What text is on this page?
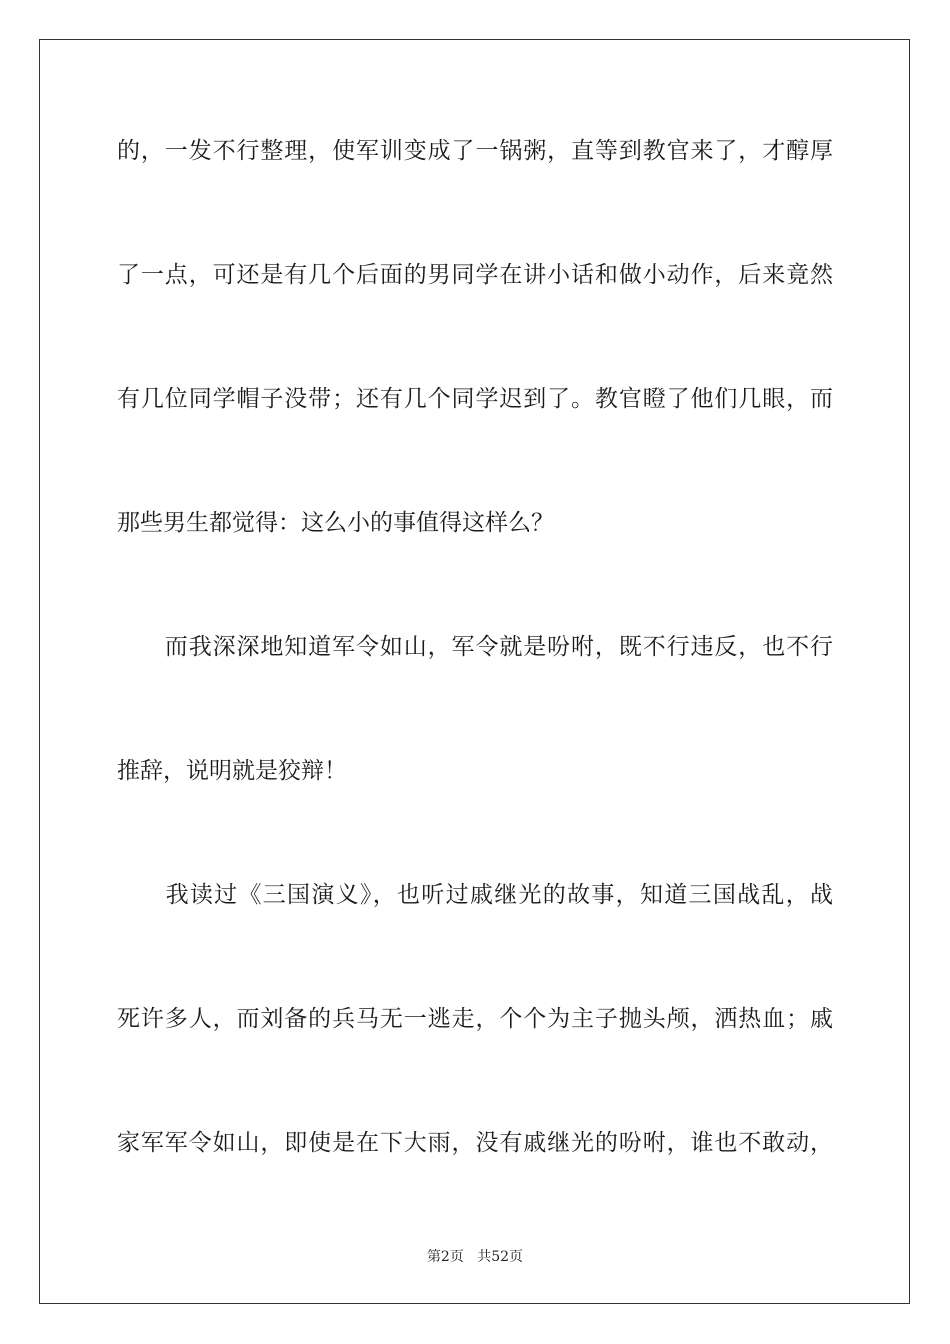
的，一发不行整理，使军训变成了一锅粥，直等到教官来了，才醇厚
了一点，可还是有几个后面的男同学在讲小话和做小动作，后来竟然
有几位同学帽子没带；还有几个同学迟到了。教官瞪了他们几眼，而
那些男生都觉得：这么小的事值得这样么？
　　而我深深地知道军令如山，军令就是吩咐，既不行违反，也不行
推辞，说明就是狡辩！
　　我读过《三国演义》，也听过戚继光的故事，知道三国战乱，战
死许多人，而刘备的兵马无一逃走，个个为主子抛头颅，洒热血；戚
家军军令如山，即使是在下大雨，没有戚继光的吩咐，谁也不敢动，
第2页 共52页
